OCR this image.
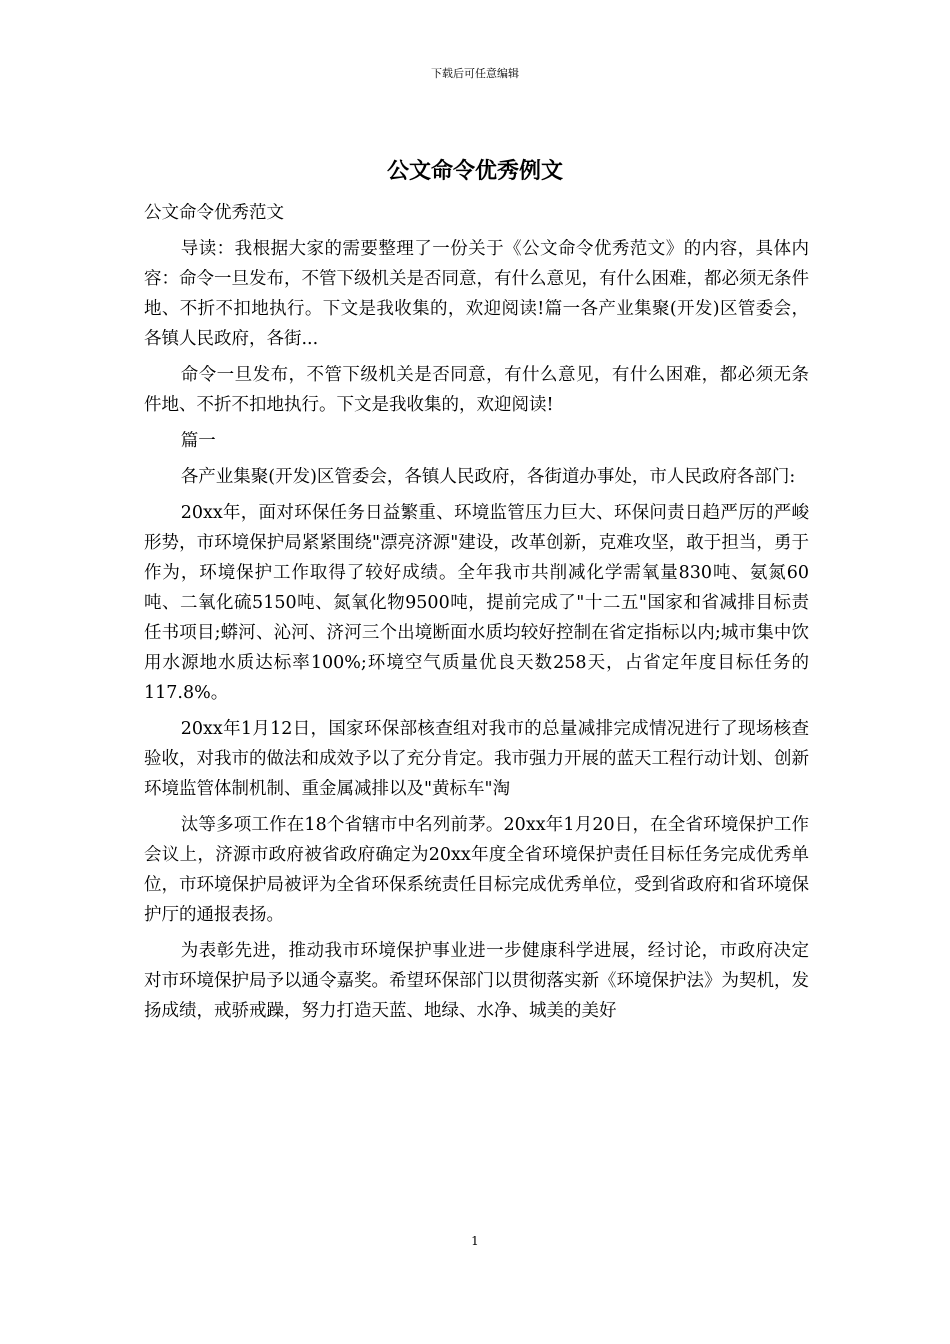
下载后可任意编辑
公文命令优秀例文

公文命令优秀范文

导读：我根据大家的需要整理了一份关于《公文命令优秀范文》的内容，具体内容：命令一旦发布，不管下级机关是否同意，有什么意见，有什么困难，都必须无条件地、不折不扣地执行。下文是我收集的，欢迎阅读!篇一各产业集聚(开发)区管委会，各镇人民政府，各街...

命令一旦发布，不管下级机关是否同意，有什么意见，有什么困难，都必须无条件地、不折不扣地执行。下文是我收集的，欢迎阅读!

篇一

各产业集聚(开发)区管委会，各镇人民政府，各街道办事处，市人民政府各部门:

20xx年，面对环保任务日益繁重、环境监管压力巨大、环保问责日趋严厉的严峻形势，市环境保护局紧紧围绕"漂亮济源"建设，改革创新，克难攻坚，敢于担当，勇于作为，环境保护工作取得了较好成绩。全年我市共削减化学需氧量830吨、氨氮60吨、二氧化硫5150吨、氮氧化物9500吨，提前完成了"十二五"国家和省减排目标责任书项目;蟒河、沁河、济河三个出境断面水质均较好控制在省定指标以内;城市集中饮用水源地水质达标率100%;环境空气质量优良天数258天，占省定年度目标任务的117.8%。

20xx年1月12日，国家环保部核查组对我市的总量减排完成情况进行了现场核查验收，对我市的做法和成效予以了充分肯定。我市强力开展的蓝天工程行动计划、创新环境监管体制机制、重金属减排以及"黄标车"淘

汰等多项工作在18个省辖市中名列前茅。20xx年1月20日，在全省环境保护工作会议上，济源市政府被省政府确定为20xx年度全省环境保护责任目标任务完成优秀单位，市环境保护局被评为全省环保系统责任目标完成优秀单位，受到省政府和省环境保护厅的通报表扬。

为表彰先进，推动我市环境保护事业进一步健康科学进展，经讨论，市政府决定对市环境保护局予以通令嘉奖。希望环保部门以贯彻落实新《环境保护法》为契机，发扬成绩，戒骄戒躁，努力打造天蓝、地绿、水净、城美的美好

1
